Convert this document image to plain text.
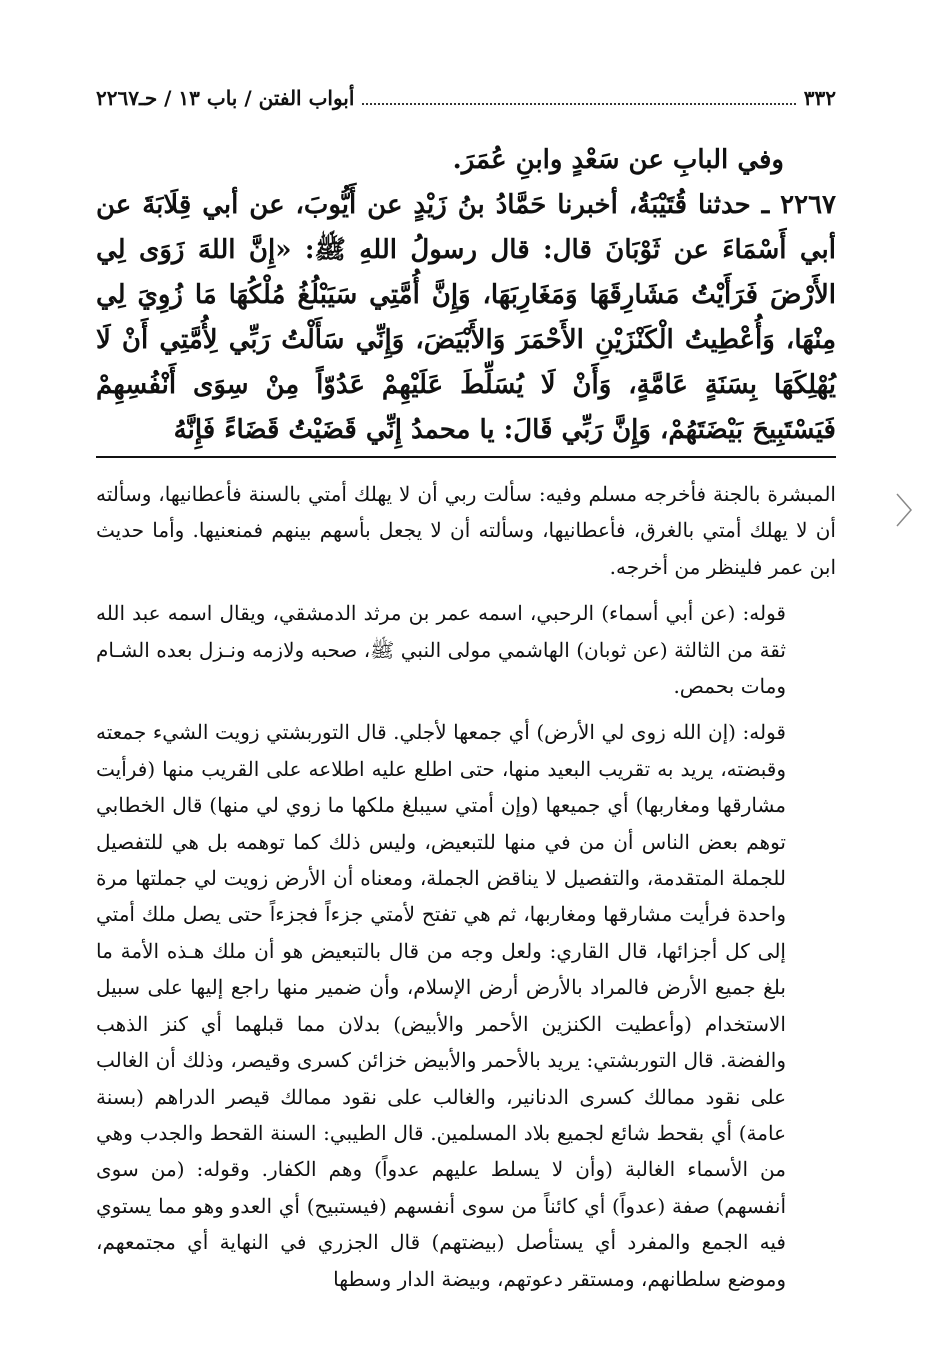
٣٣٢
أبواب الفتن / باب ١٣ / حـ٢٢٦٧

وفي البابِ عن سَعْدٍ وابنِ عُمَرَ.

٢٢٦٧ ـ حدثنا قُتَيْبَةُ، أخبرنا حَمَّادُ بنُ زَيْدٍ عن أَيُّوبَ، عن أبي قِلَابَةَ عن أبي أَسْمَاءَ عن ثَوْبَانَ قال: قال رسولُ اللهِ ﷺ: «إِنَّ اللهَ زَوَى لِي الأَرْضَ فَرَأَيْتُ مَشَارِقَهَا وَمَغَارِبَهَا، وَإِنَّ أُمَّتِي سَيَبْلُغُ مُلْكُهَا مَا زُوِيَ لِي مِنْهَا، وَأُعْطِيتُ الْكَنْزَيْنِ الأَحْمَرَ وَالأَبْيَضَ، وَإِنِّي سَأَلْتُ رَبِّي لِأُمَّتِي أَنْ لَا يُهْلِكَهَا بِسَنَةٍ عَامَّةٍ، وَأَنْ لَا يُسَلِّطَ عَلَيْهِمْ عَدُوّاً مِنْ سِوَى أَنْفُسِهِمْ فَيَسْتَبِيحَ بَيْضَتَهُمْ، وَإِنَّ رَبِّي قَالَ: يا محمدُ إِنِّي قَضَيْتُ قَضَاءً فَإِنَّهُ

المبشرة بالجنة فأخرجه مسلم وفيه: سألت ربي أن لا يهلك أمتي بالسنة فأعطانيها، وسألته أن لا يهلك أمتي بالغرق، فأعطانيها، وسألته أن لا يجعل بأسهم بينهم فمنعنيها. وأما حديث ابن عمر فلينظر من أخرجه.

قوله: (عن أبي أسماء) الرحبي، اسمه عمر بن مرثد الدمشقي، ويقال اسمه عبد الله ثقة من الثالثة (عن ثوبان) الهاشمي مولى النبي ﷺ، صحبه ولازمه ونـزل بعده الشـام ومات بحمص.

قوله: (إن الله زوى لي الأرض) أي جمعها لأجلي. قال التوربشتي زويت الشيء جمعته وقبضته، يريد به تقريب البعيد منها، حتى اطلع عليه اطلاعه على القريب منها (فرأيت مشارقها ومغاربها) أي جميعها (وإن أمتي سيبلغ ملكها ما زوي لي منها) قال الخطابي توهم بعض الناس أن من في منها للتبعيض، وليس ذلك كما توهمه بل هي للتفصيل للجملة المتقدمة، والتفصيل لا يناقض الجملة، ومعناه أن الأرض زويت لي جملتها مرة واحدة فرأيت مشارقها ومغاربها، ثم هي تفتح لأمتي جزءاً فجزءاً حتى يصل ملك أمتي إلى كل أجزائها، قال القاري: ولعل وجه من قال بالتبعيض هو أن ملك هـذه الأمة ما بلغ جميع الأرض فالمراد بالأرض أرض الإسلام، وأن ضمير منها راجع إليها على سبيل الاستخدام (وأعطيت الكنزين الأحمر والأبيض) بدلان مما قبلهما أي كنز الذهب والفضة. قال التوربشتي: يريد بالأحمر والأبيض خزائن كسرى وقيصر، وذلك أن الغالب على نقود ممالك كسرى الدنانير، والغالب على نقود ممالك قيصر الدراهم (بسنة عامة) أي بقحط شائع لجميع بلاد المسلمين. قال الطيبي: السنة القحط والجدب وهي من الأسماء الغالبة (وأن لا يسلط عليهم عدواً) وهم الكفار. وقوله: (من سوى أنفسهم) صفة (عدواً) أي كائناً من سوى أنفسهم (فيستبيح) أي العدو وهو مما يستوي فيه الجمع والمفرد أي يستأصل (بيضتهم) قال الجزري في النهاية أي مجتمعهم، وموضع سلطانهم، ومستقر دعوتهم، وبيضة الدار وسطها
